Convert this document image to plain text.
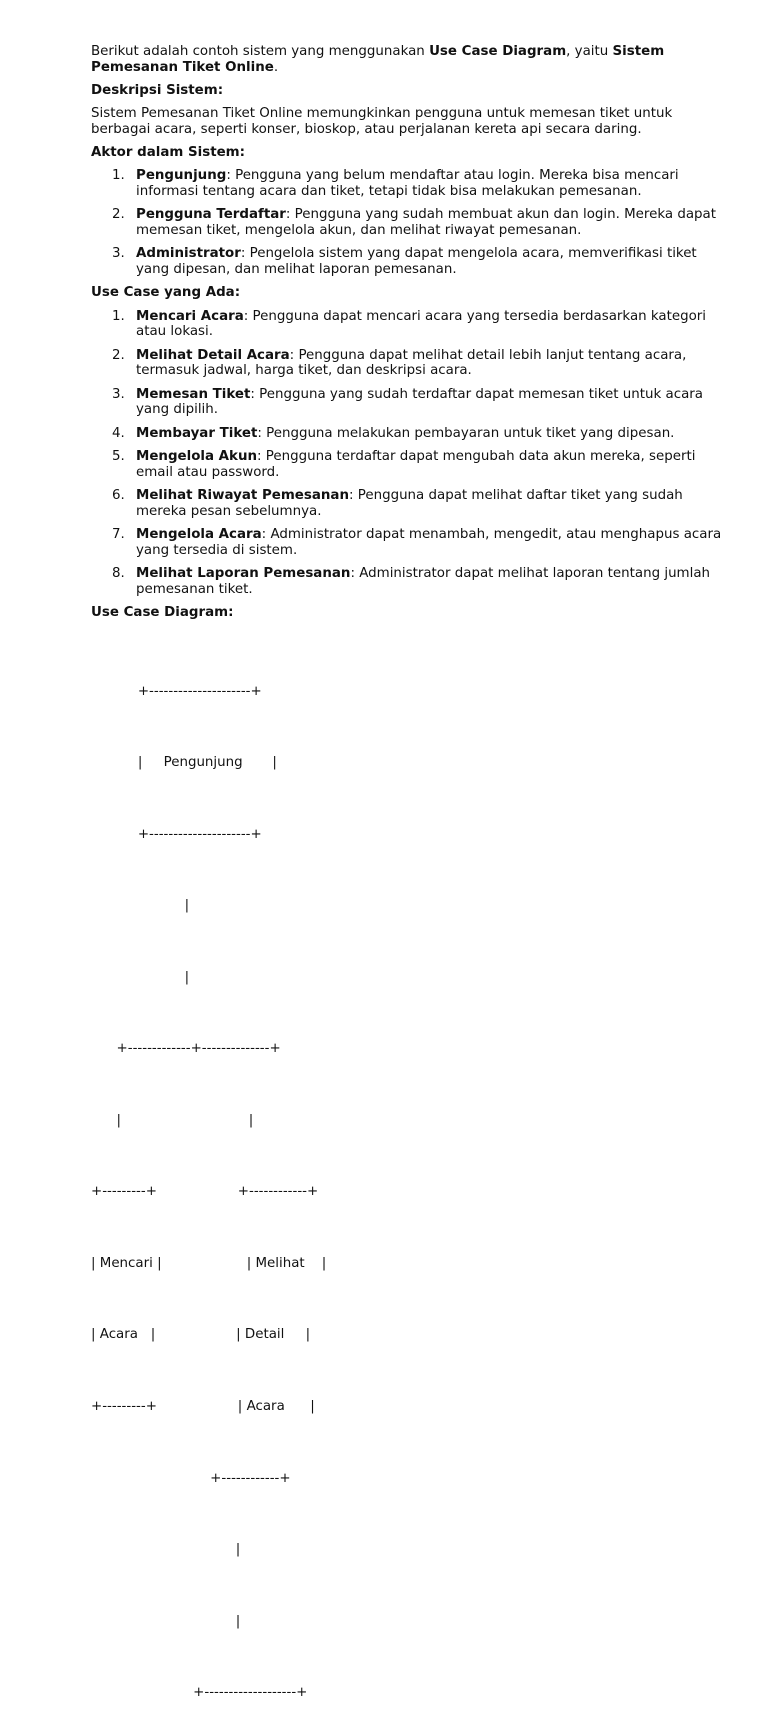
Berikut adalah contoh sistem yang menggunakan Use Case Diagram, yaitu Sistem Pemesanan Tiket Online.

Deskripsi Sistem:

Sistem Pemesanan Tiket Online memungkinkan pengguna untuk memesan tiket untuk berbagai acara, seperti konser, bioskop, atau perjalanan kereta api secara daring.

Aktor dalam Sistem:

1. Pengunjung: Pengguna yang belum mendaftar atau login. Mereka bisa mencari informasi tentang acara dan tiket, tetapi tidak bisa melakukan pemesanan.
2. Pengguna Terdaftar: Pengguna yang sudah membuat akun dan login. Mereka dapat memesan tiket, mengelola akun, dan melihat riwayat pemesanan.
3. Administrator: Pengelola sistem yang dapat mengelola acara, memverifikasi tiket yang dipesan, dan melihat laporan pemesanan.

Use Case yang Ada:

1. Mencari Acara: Pengguna dapat mencari acara yang tersedia berdasarkan kategori atau lokasi.
2. Melihat Detail Acara: Pengguna dapat melihat detail lebih lanjut tentang acara, termasuk jadwal, harga tiket, dan deskripsi acara.
3. Memesan Tiket: Pengguna yang sudah terdaftar dapat memesan tiket untuk acara yang dipilih.
4. Membayar Tiket: Pengguna melakukan pembayaran untuk tiket yang dipesan.
5. Mengelola Akun: Pengguna terdaftar dapat mengubah data akun mereka, seperti email atau password.
6. Melihat Riwayat Pemesanan: Pengguna dapat melihat daftar tiket yang sudah mereka pesan sebelumnya.
7. Mengelola Acara: Administrator dapat menambah, mengedit, atau menghapus acara yang tersedia di sistem.
8. Melihat Laporan Pemesanan: Administrator dapat melihat laporan tentang jumlah pemesanan tiket.

Use Case Diagram:

+---------------------+

|     Pengunjung       |

+---------------------+

|

|

+-------------+--------------+

|                              |

+---------+                   +------------+

| Mencari |                    | Melihat    |

| Acara   |                   | Detail     |

+---------+                   | Acara      |

+------------+

|

|

+-------------------+
